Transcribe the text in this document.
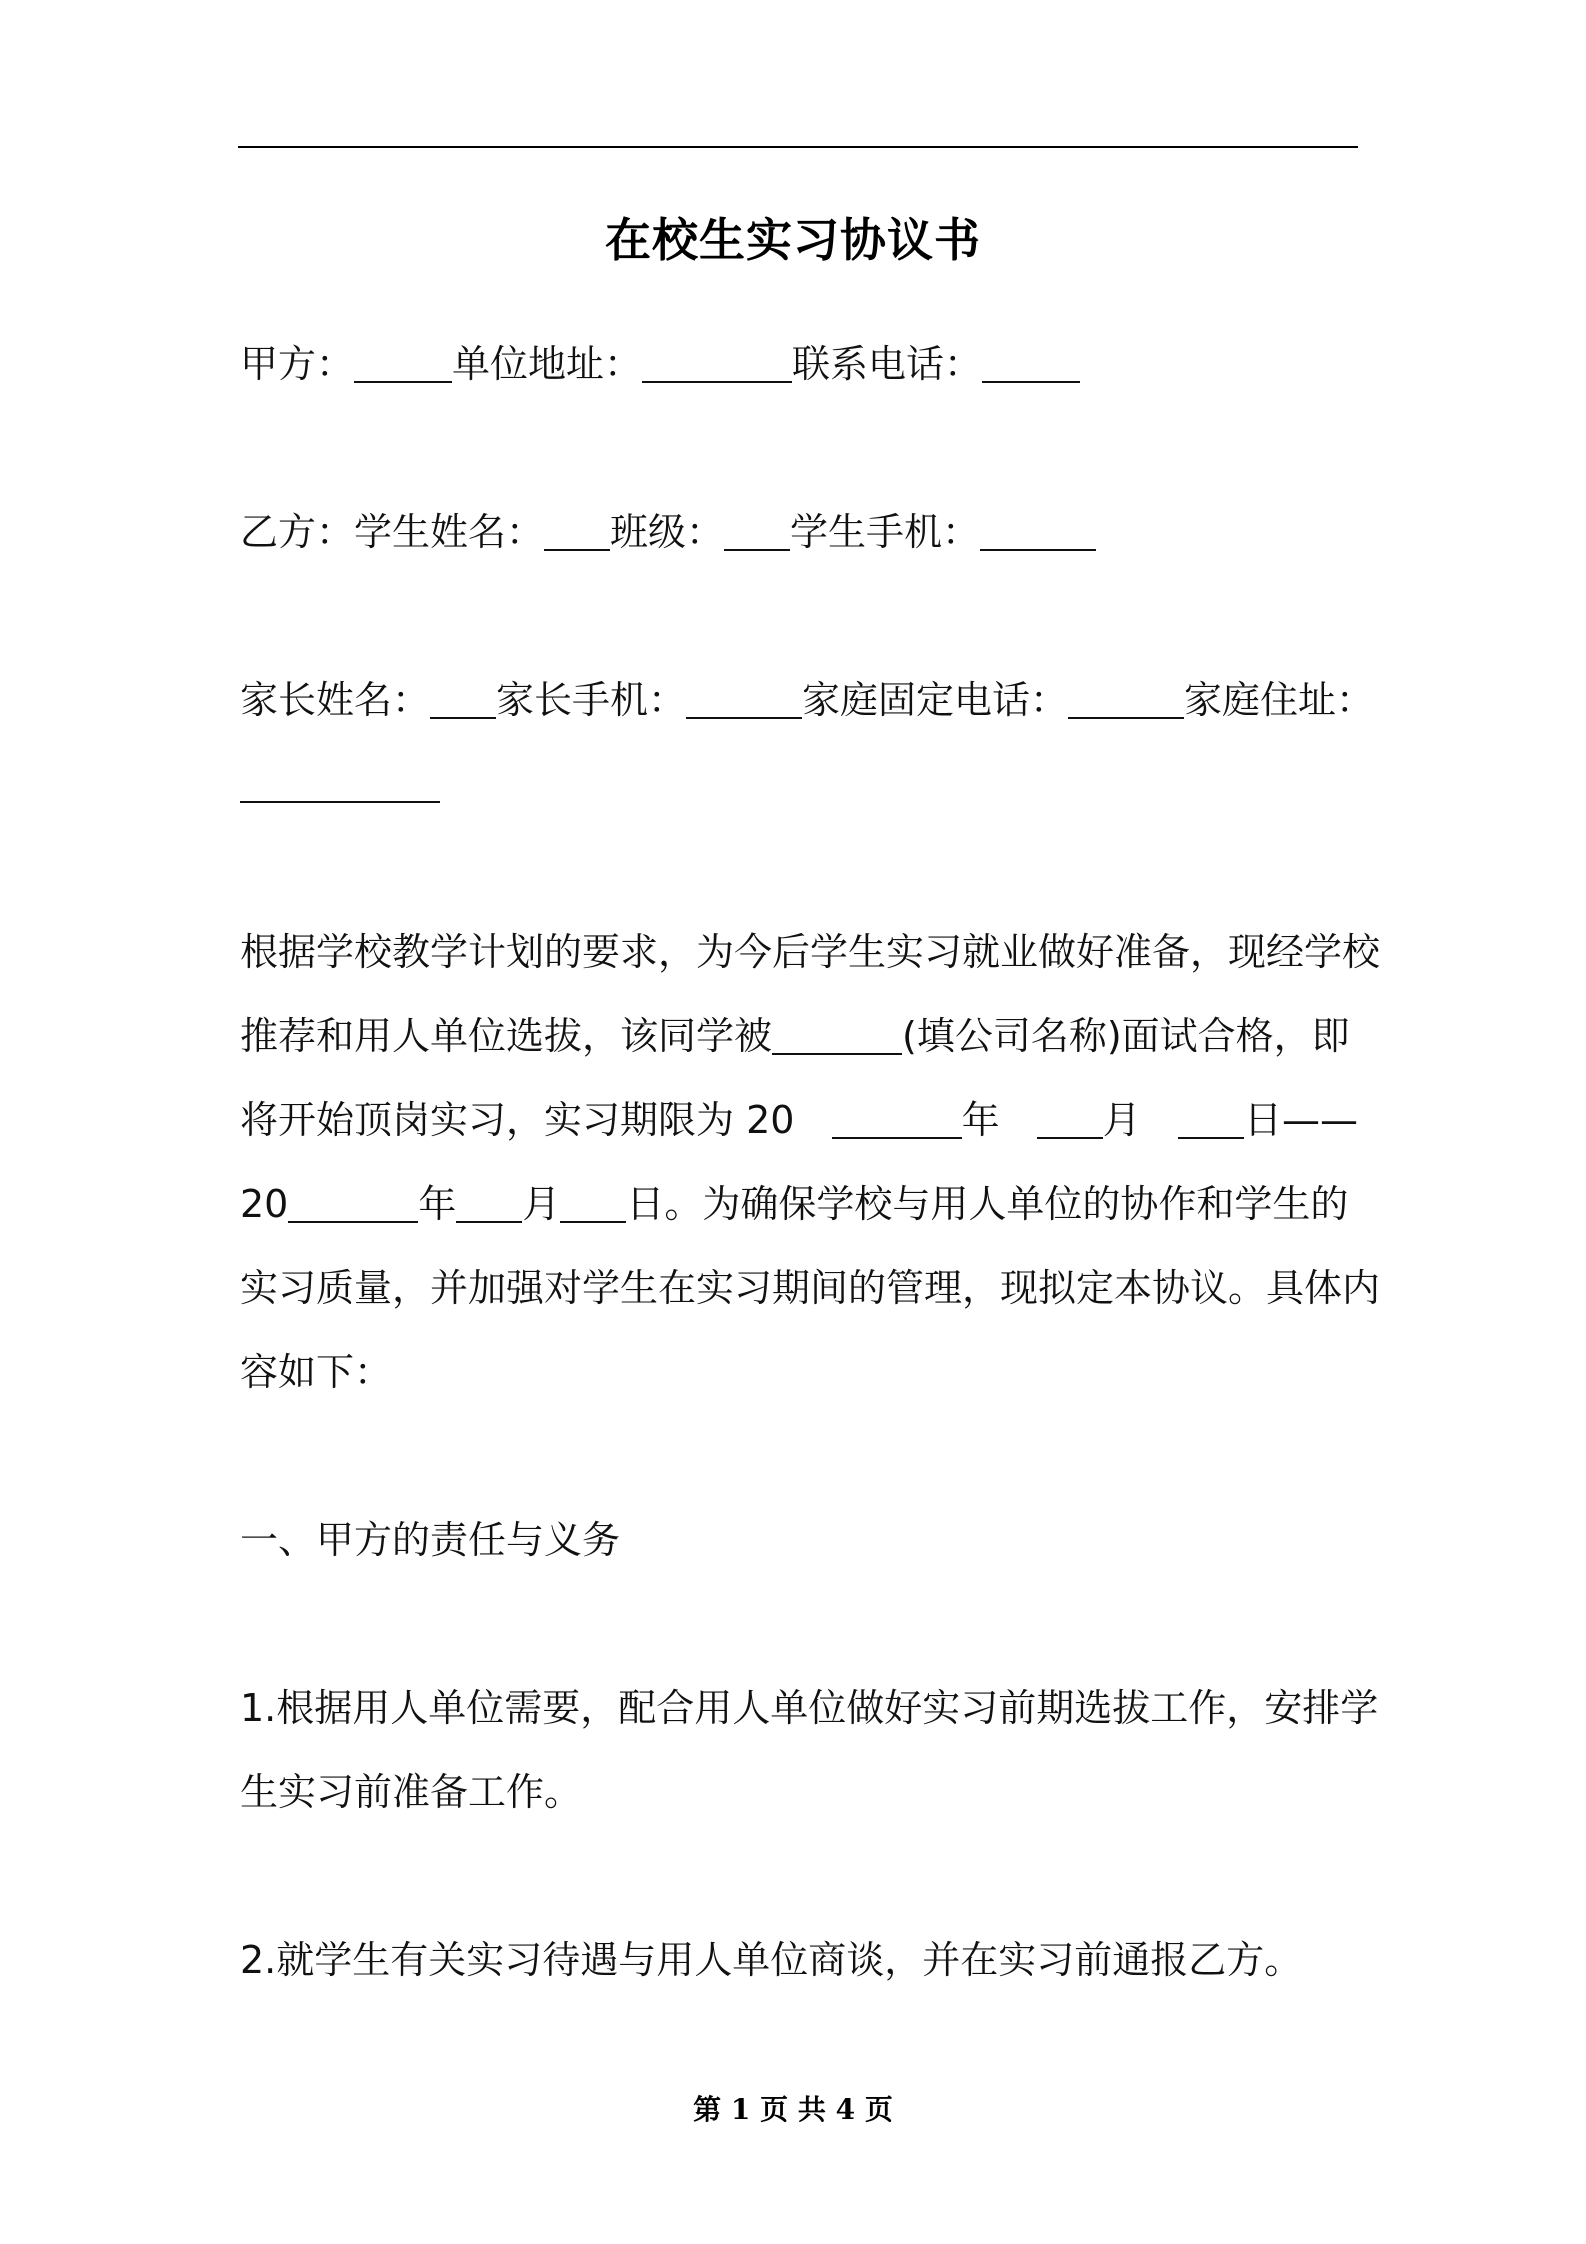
在校生实习协议书
甲方：	单位地址：	联系电话：
乙方：学生姓名： 班级： 学生手机：
家长姓名： 家长手机：	家庭固定电话：	家庭住址：
根据学校教学计划的要求，为今后学生实习就业做好准备，现经学校
推荐和用人单位选拔，该同学被	(填公司名称)面试合格，即
将开始顶岗实习，实习期限为 20	年	月	日——
20	年 月 日。为确保学校与用人单位的协作和学生的
实习质量，并加强对学生在实习期间的管理，现拟定本协议。具体内
容如下：
一、甲方的责任与义务
1.根据用人单位需要，配合用人单位做好实习前期选拔工作，安排学
生实习前准备工作。
2.就学生有关实习待遇与用人单位商谈，并在实习前通报乙方。
第 1 页 共 4 页
